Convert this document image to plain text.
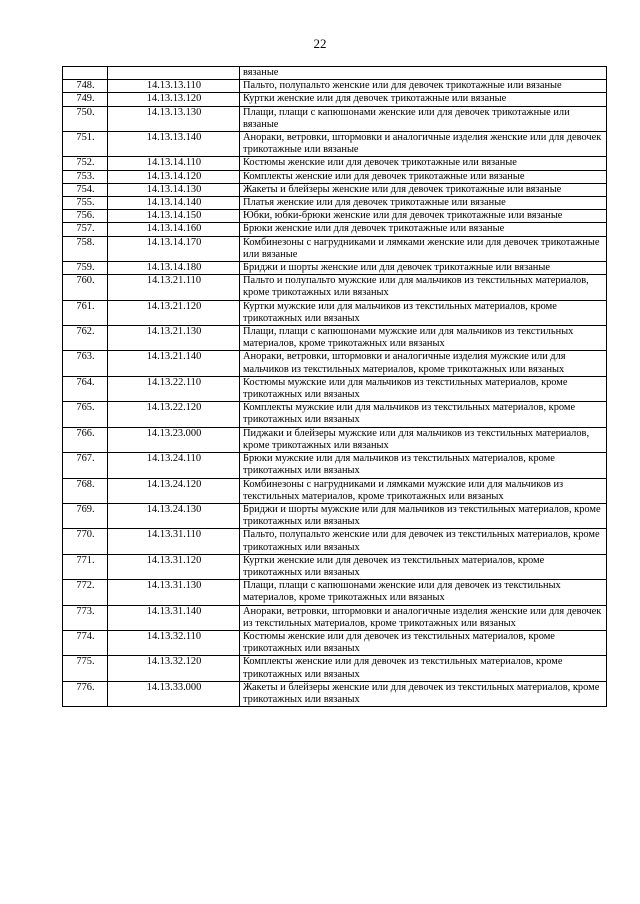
22
		вязаные
748.	14.13.13.110	Пальто, полупальто женские или для девочек трикотажные или вязаные
749.	14.13.13.120	Куртки женские или для девочек трикотажные или вязаные
750.	14.13.13.130	Плащи, плащи с капюшонами женские или для девочек трикотажные или вязаные
751.	14.13.13.140	Анораки, ветровки, штормовки и аналогичные изделия женские или для девочек трикотажные или вязаные
752.	14.13.14.110	Костюмы женские или для девочек трикотажные или вязаные
753.	14.13.14.120	Комплекты женские или для девочек трикотажные или вязаные
754.	14.13.14.130	Жакеты и блейзеры женские или для девочек трикотажные или вязаные
755.	14.13.14.140	Платья женские или для девочек трикотажные или вязаные
756.	14.13.14.150	Юбки, юбки-брюки женские или для девочек трикотажные или вязаные
757.	14.13.14.160	Брюки женские или для девочек трикотажные или вязаные
758.	14.13.14.170	Комбинезоны с нагрудниками и лямками женские или для девочек трикотажные или вязаные
759.	14.13.14.180	Бриджи и шорты женские или для девочек трикотажные или вязаные
760.	14.13.21.110	Пальто и полупальто мужские или для мальчиков из текстильных материалов, кроме трикотажных или вязаных
761.	14.13.21.120	Куртки мужские или для мальчиков из текстильных материалов, кроме трикотажных или вязаных
762.	14.13.21.130	Плащи, плащи с капюшонами мужские или для мальчиков из текстильных материалов, кроме трикотажных или вязаных
763.	14.13.21.140	Анораки, ветровки, штормовки и аналогичные изделия мужские или для мальчиков из текстильных материалов, кроме трикотажных или вязаных
764.	14.13.22.110	Костюмы мужские или для мальчиков из текстильных материалов, кроме трикотажных или вязаных
765.	14.13.22.120	Комплекты мужские или для мальчиков из текстильных материалов, кроме трикотажных или вязаных
766.	14.13.23.000	Пиджаки и блейзеры мужские или для мальчиков из текстильных материалов, кроме трикотажных или вязаных
767.	14.13.24.110	Брюки мужские или для мальчиков из текстильных материалов, кроме трикотажных или вязаных
768.	14.13.24.120	Комбинезоны с нагрудниками и лямками мужские или для мальчиков из текстильных материалов, кроме трикотажных или вязаных
769.	14.13.24.130	Бриджи и шорты мужские или для мальчиков из текстильных материалов, кроме трикотажных или вязаных
770.	14.13.31.110	Пальто, полупальто женские или для девочек из текстильных материалов, кроме трикотажных или вязаных
771.	14.13.31.120	Куртки женские или для девочек из текстильных материалов, кроме трикотажных или вязаных
772.	14.13.31.130	Плащи, плащи с капюшонами женские или для девочек из текстильных материалов, кроме трикотажных или вязаных
773.	14.13.31.140	Анораки, ветровки, штормовки и аналогичные изделия женские или для девочек из текстильных материалов, кроме трикотажных или вязаных
774.	14.13.32.110	Костюмы женские или для девочек из текстильных материалов, кроме трикотажных или вязаных
775.	14.13.32.120	Комплекты женские или для девочек из текстильных материалов, кроме трикотажных или вязаных
776.	14.13.33.000	Жакеты и блейзеры женские или для девочек из текстильных материалов, кроме трикотажных или вязаных
